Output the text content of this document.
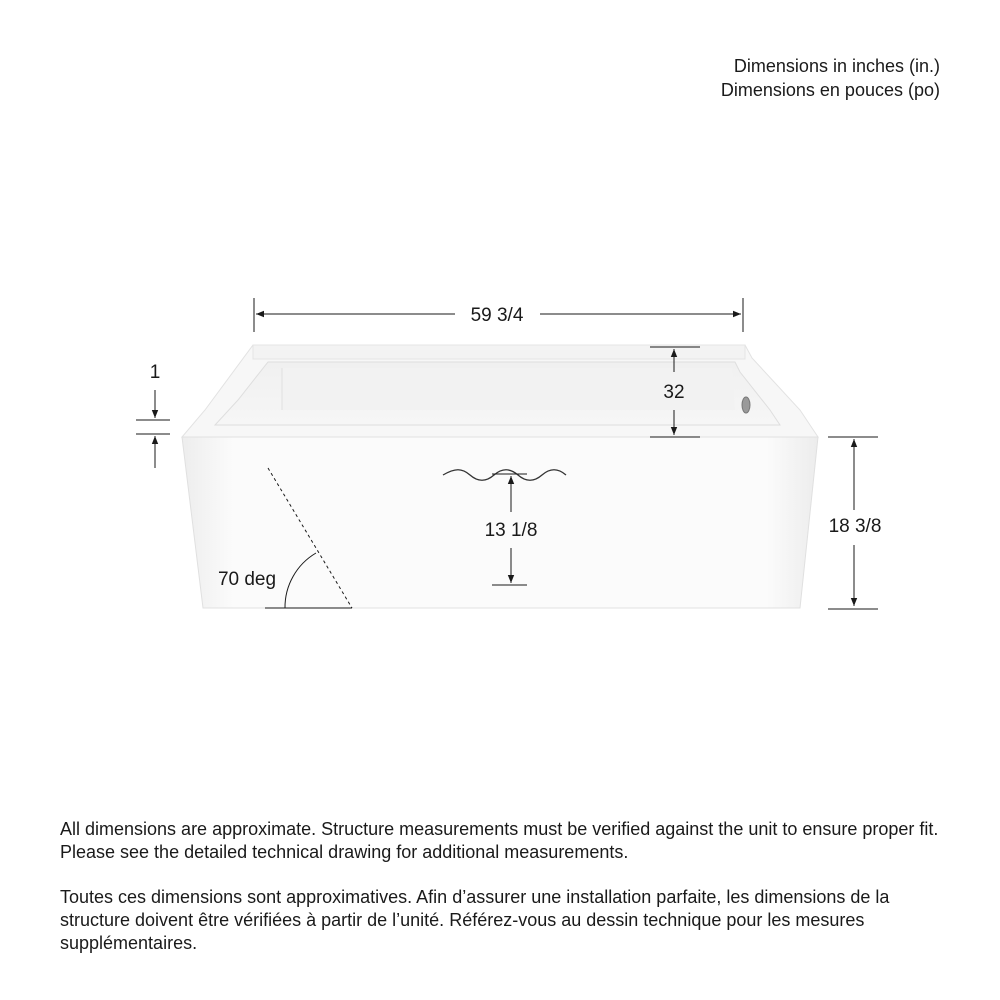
Dimensions in inches (in.)
Dimensions en pouces (po)
59 3/4
1
32
18 3/8
13 1/8
70 deg

All dimensions are approximate. Structure measurements must be verified against the unit to ensure proper fit. Please see the detailed technical drawing for additional measurements.

Toutes ces dimensions sont approximatives. Afin d’assurer une installation parfaite, les dimensions de la structure doivent être vérifiées à partir de l’unité. Référez-vous au dessin technique pour les mesures supplémentaires.
